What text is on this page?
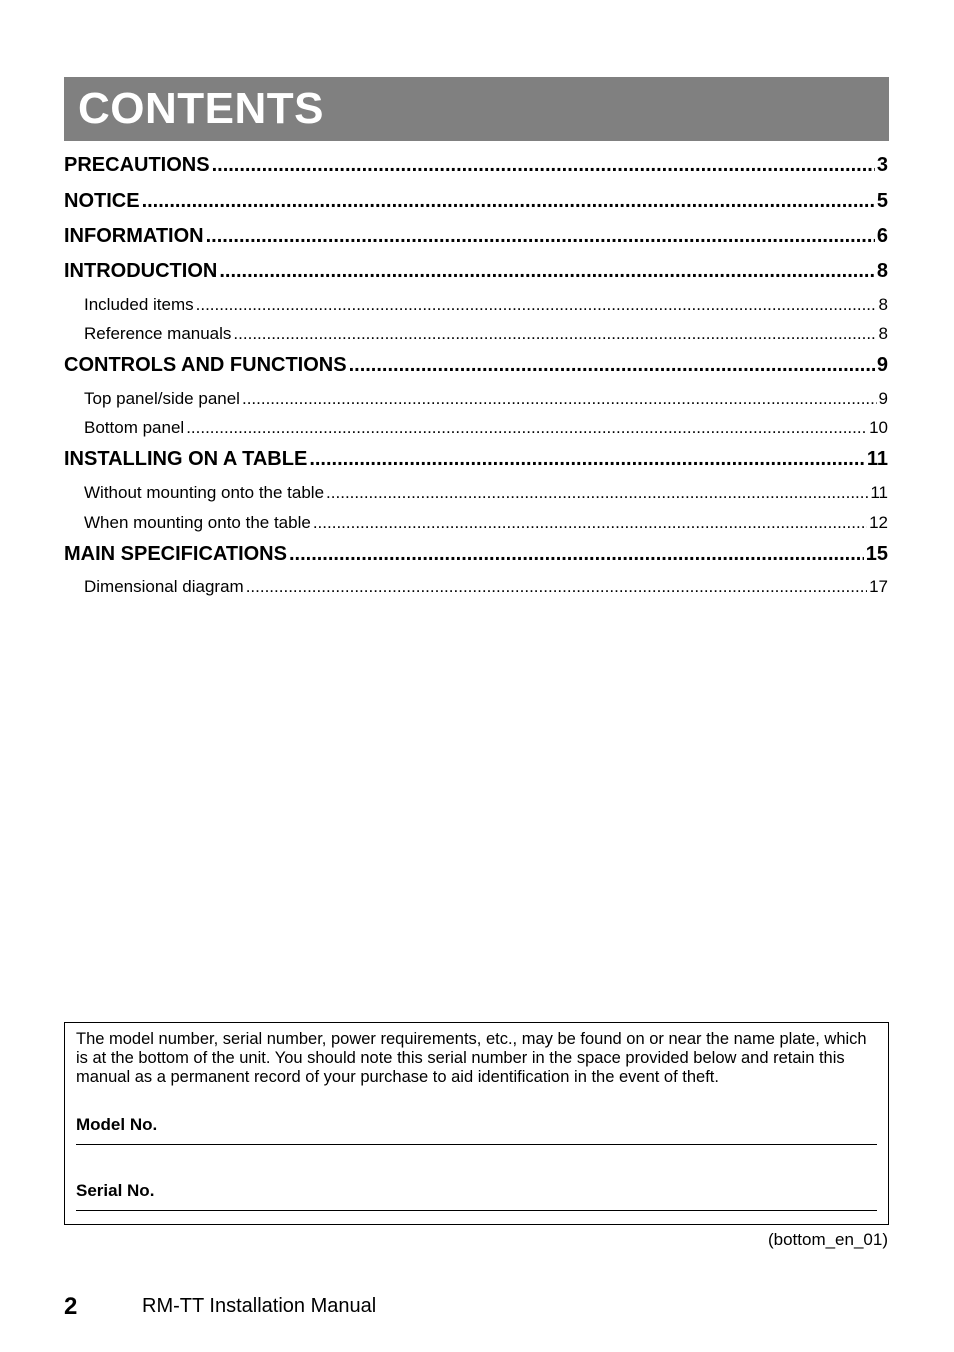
CONTENTS
PRECAUTIONS .....	3
NOTICE .....	5
INFORMATION .....	6
INTRODUCTION .....	8
Included items .....	8
Reference manuals .....	8
CONTROLS AND FUNCTIONS .....	9
Top panel/side panel .....	9
Bottom panel .....	10
INSTALLING ON A TABLE .....	11
Without mounting onto the table .....	11
When mounting onto the table .....	12
MAIN SPECIFICATIONS .....	15
Dimensional diagram .....	17
The model number, serial number, power requirements, etc., may be found on or near the name plate, which is at the bottom of the unit. You should note this serial number in the space provided below and retain this manual as a permanent record of your purchase to aid identification in the event of theft.
Model No.
Serial No.
(bottom_en_01)
2	RM-TT Installation Manual
